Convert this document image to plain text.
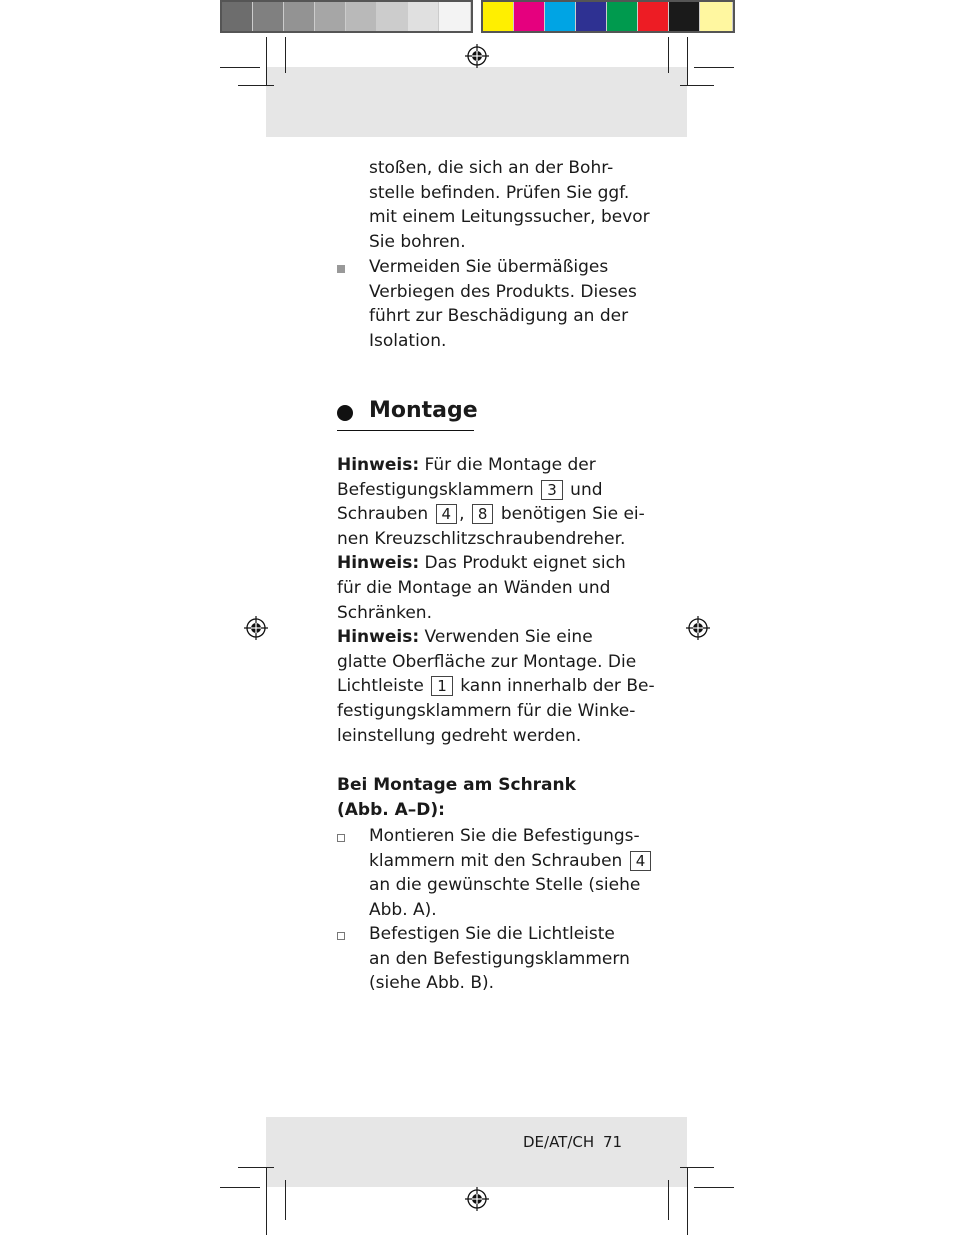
stoßen, die sich an der Bohr-
stelle befinden. Prüfen Sie ggf.
mit einem Leitungssucher, bevor
Sie bohren.
Vermeiden Sie übermäßiges
Verbiegen des Produkts. Dieses
führt zur Beschädigung an der
Isolation.
Montage
Hinweis: Für die Montage der
Befestigungsklammern 3 und
Schrauben 4 , 8 benötigen Sie ei-
nen Kreuzschlitzschraubendreher.
Hinweis: Das Produkt eignet sich
für die Montage an Wänden und
Schränken.
Hinweis: Verwenden Sie eine
glatte Oberfläche zur Montage. Die
Lichtleiste 1 kann innerhalb der Be-
festigungsklammern für die Winke-
leinstellung gedreht werden.
Bei Montage am Schrank
(Abb. A–D):
Montieren Sie die Befestigungs-
klammern mit den Schrauben 4
an die gewünschte Stelle (siehe
Abb. A).
Befestigen Sie die Lichtleiste
an den Befestigungsklammern
(siehe Abb. B).
DE/AT/CH 71
